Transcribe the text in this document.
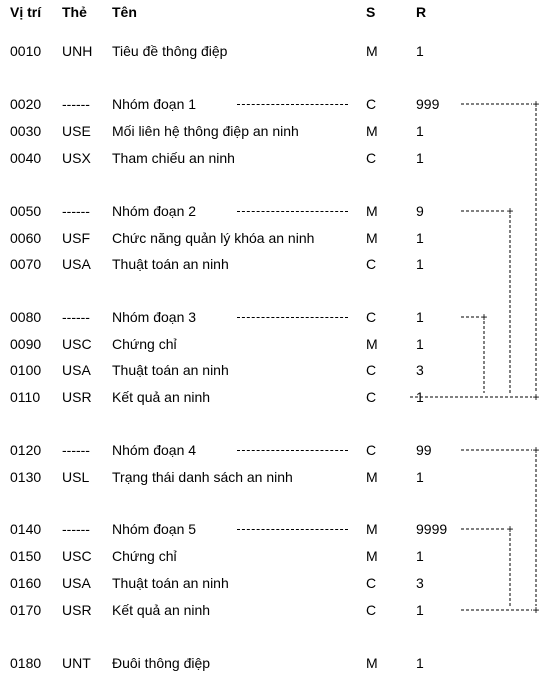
Vị trí Thẻ Tên	S	R
0010 UNH Tiêu đề thông điệp	M	1
0020 ------ Nhóm đoạn 1	C	999
0030 USE Mối liên hệ thông điệp an ninh	M	1
0040 USX Tham chiếu an ninh	C	1
0050 ------ Nhóm đoạn 2	M	9
0060 USF Chức năng quản lý khóa an ninh	M	1
0070 USA Thuật toán an ninh	C	1
0080 ------ Nhóm đoạn 3	C	1
0090 USC Chứng chỉ	M	1
0100 USA Thuật toán an ninh	C	3
0110 USR Kết quả an ninh	C	1
0120 ------ Nhóm đoạn 4	C	99
0130 USL Trạng thái danh sách an ninh	M	1
0140 ------ Nhóm đoạn 5	M	9999
0150 USC Chứng chỉ	M	1
0160 USA Thuật toán an ninh	C	3
0170 USR Kết quả an ninh	C	1
0180 UNT Đuôi thông điệp	M	1
+
+
+
+
+
+
+
